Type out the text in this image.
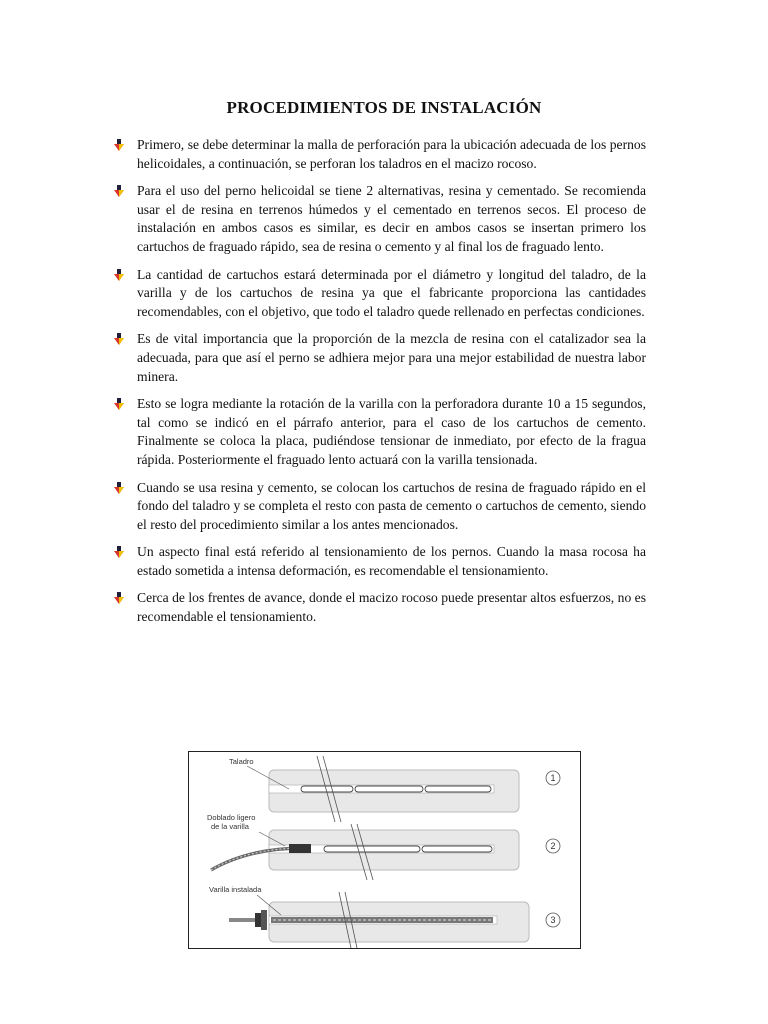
PROCEDIMIENTOS DE INSTALACIÓN
Primero, se debe determinar la malla de perforación para la ubicación adecuada de los pernos helicoidales, a continuación, se perforan los taladros en el macizo rocoso.
Para el uso del perno helicoidal se tiene 2 alternativas, resina y cementado. Se recomienda usar el de resina en terrenos húmedos y el cementado en terrenos secos. El proceso de instalación en ambos casos es similar, es decir en ambos casos se insertan primero los cartuchos de fraguado rápido, sea de resina o cemento y al final los de fraguado lento.
La cantidad de cartuchos estará determinada por el diámetro y longitud del taladro, de la varilla y de los cartuchos de resina ya que el fabricante proporciona las cantidades recomendables, con el objetivo, que todo el taladro quede rellenado en perfectas condiciones.
Es de vital importancia que la proporción de la mezcla de resina con el catalizador sea la adecuada, para que así el perno se adhiera mejor para una mejor estabilidad de nuestra labor minera.
Esto se logra mediante la rotación de la varilla con la perforadora durante 10 a 15 segundos, tal como se indicó en el párrafo anterior, para el caso de los cartuchos de cemento. Finalmente se coloca la placa, pudiéndose tensionar de inmediato, por efecto de la fragua rápida. Posteriormente el fraguado lento actuará con la varilla tensionada.
Cuando se usa resina y cemento, se colocan los cartuchos de resina de fraguado rápido en el fondo del taladro y se completa el resto con pasta de cemento o cartuchos de cemento, siendo el resto del procedimiento similar a los antes mencionados.
Un aspecto final está referido al tensionamiento de los pernos. Cuando la masa rocosa ha estado sometida a intensa deformación, es recomendable el tensionamiento.
Cerca de los frentes de avance, donde el macizo rocoso puede presentar altos esfuerzos, no es recomendable el tensionamiento.
Taladro
1
Doblado ligero
de la varilla
2
Varilla instalada
3
